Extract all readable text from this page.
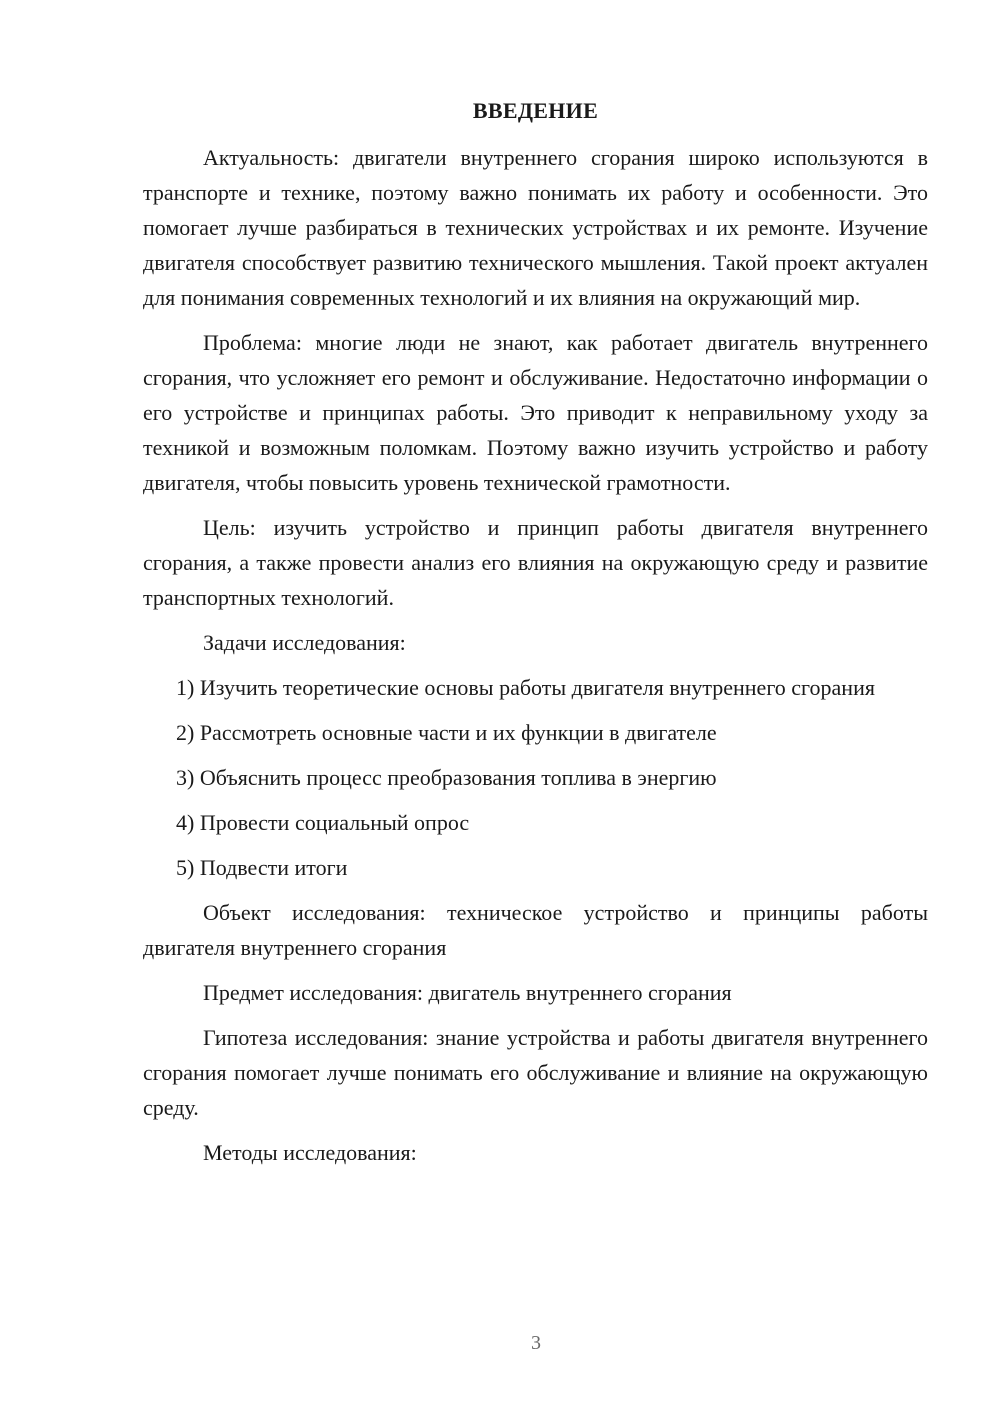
ВВЕДЕНИЕ

Актуальность: двигатели внутреннего сгорания широко используются в транспорте и технике, поэтому важно понимать их работу и особенности. Это помогает лучше разбираться в технических устройствах и их ремонте. Изучение двигателя способствует развитию технического мышления. Такой проект актуален для понимания современных технологий и их влияния на окружающий мир.

Проблема: многие люди не знают, как работает двигатель внутреннего сгорания, что усложняет его ремонт и обслуживание. Недостаточно информации о его устройстве и принципах работы. Это приводит к неправильному уходу за техникой и возможным поломкам. Поэтому важно изучить устройство и работу двигателя, чтобы повысить уровень технической грамотности.

Цель: изучить устройство и принцип работы двигателя внутреннего сгорания, а также провести анализ его влияния на окружающую среду и развитие транспортных технологий.

Задачи исследования:

1) Изучить теоретические основы работы двигателя внутреннего сгорания

2) Рассмотреть основные части и их функции в двигателе

3) Объяснить процесс преобразования топлива в энергию

4) Провести социальный опрос

5) Подвести итоги

Объект исследования: техническое устройство и принципы работы двигателя внутреннего сгорания

Предмет исследования: двигатель внутреннего сгорания

Гипотеза исследования: знание устройства и работы двигателя внутреннего сгорания помогает лучше понимать его обслуживание и влияние на окружающую среду.

Методы исследования:

3
